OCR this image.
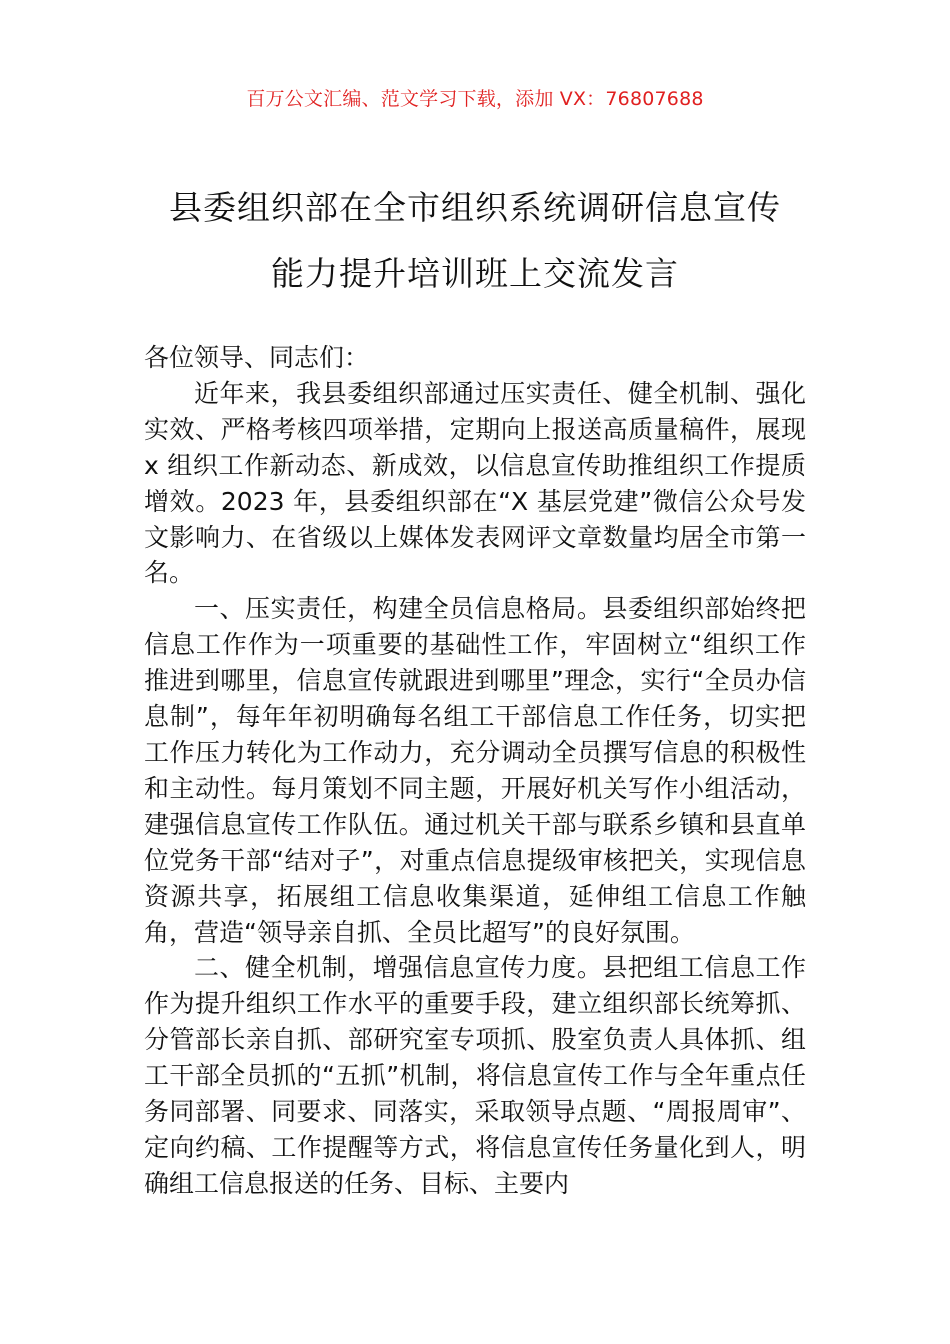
百万公文汇编、范文学习下载，添加 VX：76807688
县委组织部在全市组织系统调研信息宣传
能力提升培训班上交流发言

各位领导、同志们：

近年来，我县委组织部通过压实责任、健全机制、强化实效、严格考核四项举措，定期向上报送高质量稿件，展现 x 组织工作新动态、新成效，以信息宣传助推组织工作提质增效。2023 年，县委组织部在“X 基层党建”微信公众号发文影响力、在省级以上媒体发表网评文章数量均居全市第一名。

一、压实责任，构建全员信息格局。县委组织部始终把信息工作作为一项重要的基础性工作，牢固树立“组织工作推进到哪里，信息宣传就跟进到哪里”理念，实行“全员办信息制”，每年年初明确每名组工干部信息工作任务，切实把工作压力转化为工作动力，充分调动全员撰写信息的积极性和主动性。每月策划不同主题，开展好机关写作小组活动，建强信息宣传工作队伍。通过机关干部与联系乡镇和县直单位党务干部“结对子”，对重点信息提级审核把关，实现信息资源共享，拓展组工信息收集渠道，延伸组工信息工作触角，营造“领导亲自抓、全员比超写”的良好氛围。

二、健全机制，增强信息宣传力度。县把组工信息工作作为提升组织工作水平的重要手段，建立组织部长统筹抓、分管部长亲自抓、部研究室专项抓、股室负责人具体抓、组工干部全员抓的“五抓”机制，将信息宣传工作与全年重点任务同部署、同要求、同落实，采取领导点题、“周报周审”、定向约稿、工作提醒等方式，将信息宣传任务量化到人，明确组工信息报送的任务、目标、主要内
